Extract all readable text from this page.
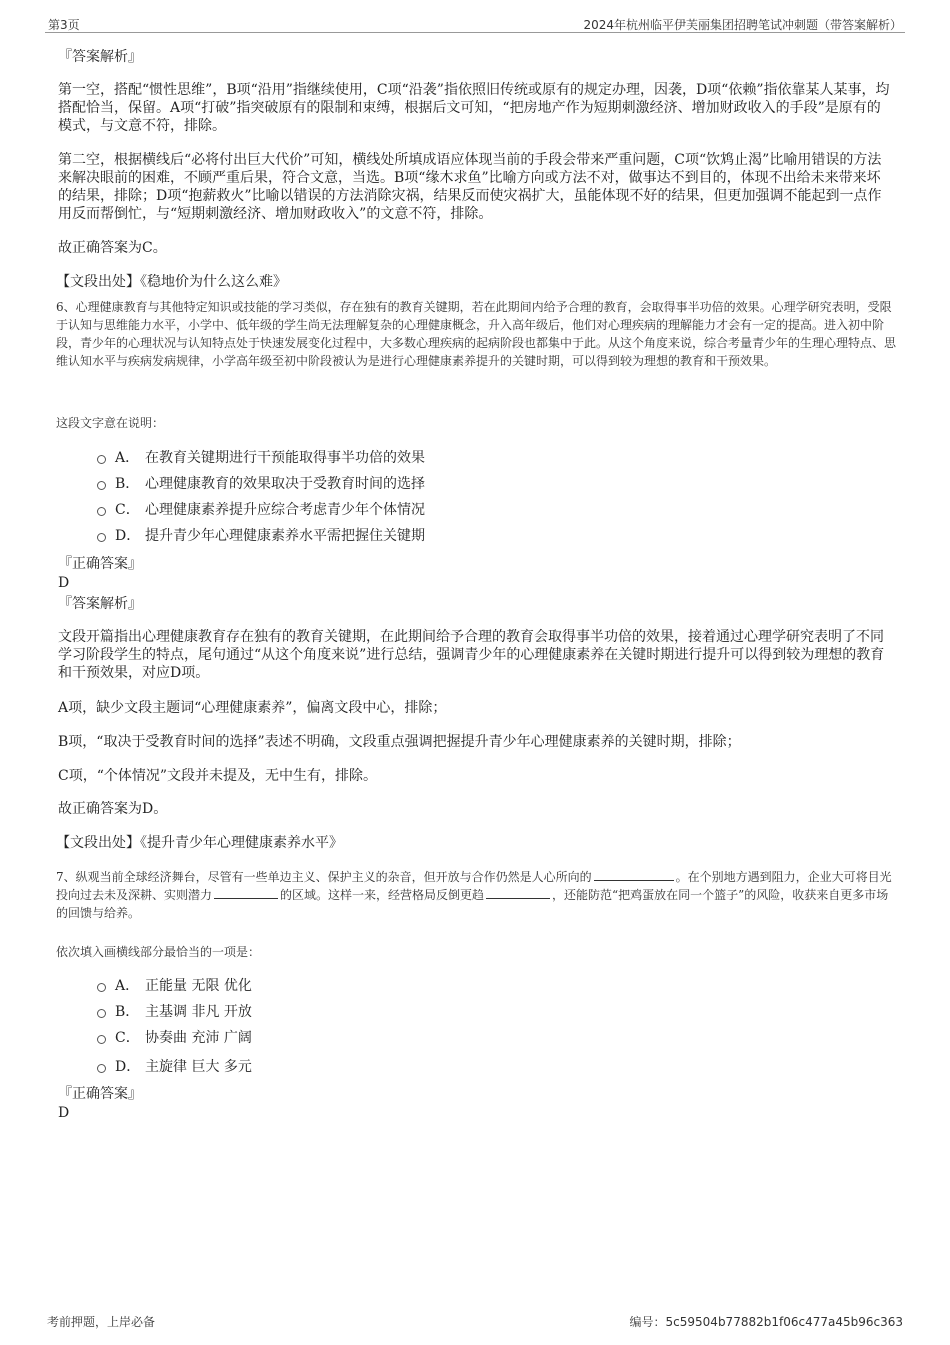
第3页	2024年杭州临平伊芙丽集团招聘笔试冲刺题（带答案解析）
『答案解析』
第一空，搭配“惯性思维”，B项“沿用”指继续使用，C项“沿袭”指依照旧传统或原有的规定办理，因袭，D项“依赖”指依靠某人某事，均搭配恰当，保留。A项“打破”指突破原有的限制和束缚，根据后文可知，“把房地产作为短期刺激经济、增加财政收入的手段”是原有的模式，与文意不符，排除。
第二空，根据横线后“必将付出巨大代价”可知，横线处所填成语应体现当前的手段会带来严重问题，C项“饮鸩止渴”比喻用错误的方法来解决眼前的困难，不顾严重后果，符合文意，当选。B项“缘木求鱼”比喻方向或方法不对，做事达不到目的，体现不出给未来带来坏的结果，排除；D项“抱薪救火”比喻以错误的方法消除灾祸，结果反而使灾祸扩大，虽能体现不好的结果，但更加强调不能起到一点作用反而帮倒忙，与“短期刺激经济、增加财政收入”的文意不符，排除。
故正确答案为C。
【文段出处】《稳地价为什么这么难》
6、心理健康教育与其他特定知识或技能的学习类似，存在独有的教育关键期，若在此期间内给予合理的教育，会取得事半功倍的效果。心理学研究表明，受限于认知与思维能力水平，小学中、低年级的学生尚无法理解复杂的心理健康概念，升入高年级后，他们对心理疾病的理解能力才会有一定的提高。进入初中阶段，青少年的心理状况与认知特点处于快速发展变化过程中，大多数心理疾病的起病阶段也都集中于此。从这个角度来说，综合考量青少年的生理心理特点、思维认知水平与疾病发病规律，小学高年级至初中阶段被认为是进行心理健康素养提升的关键时期，可以得到较为理想的教育和干预效果。
这段文字意在说明：
A． 在教育关键期进行干预能取得事半功倍的效果
B． 心理健康教育的效果取决于受教育时间的选择
C． 心理健康素养提升应综合考虑青少年个体情况
D． 提升青少年心理健康素养水平需把握住关键期
『正确答案』
D
『答案解析』
文段开篇指出心理健康教育存在独有的教育关键期，在此期间给予合理的教育会取得事半功倍的效果，接着通过心理学研究表明了不同学习阶段学生的特点，尾句通过“从这个角度来说”进行总结，强调青少年的心理健康素养在关键时期进行提升可以得到较为理想的教育和干预效果，对应D项。
A项，缺少文段主题词“心理健康素养”，偏离文段中心，排除；
B项，“取决于受教育时间的选择”表述不明确，文段重点强调把握提升青少年心理健康素养的关键时期，排除；
C项，“个体情况”文段并未提及，无中生有，排除。
故正确答案为D。
【文段出处】《提升青少年心理健康素养水平》
7、纵观当前全球经济舞台，尽管有一些单边主义、保护主义的杂音，但开放与合作仍然是人心所向的	。在个别地方遇到阻力，企业大可将目光投向过去未及深耕、实则潜力	的区域。这样一来，经营格局反倒更趋	，还能防范“把鸡蛋放在同一个篮子”的风险，收获来自更多市场的回馈与给养。
依次填入画横线部分最恰当的一项是：
A． 正能量 无限 优化
B． 主基调 非凡 开放
C． 协奏曲 充沛 广阔
D． 主旋律 巨大 多元
『正确答案』
D
考前押题，上岸必备	编号：5c59504b77882b1f06c477a45b96c363
